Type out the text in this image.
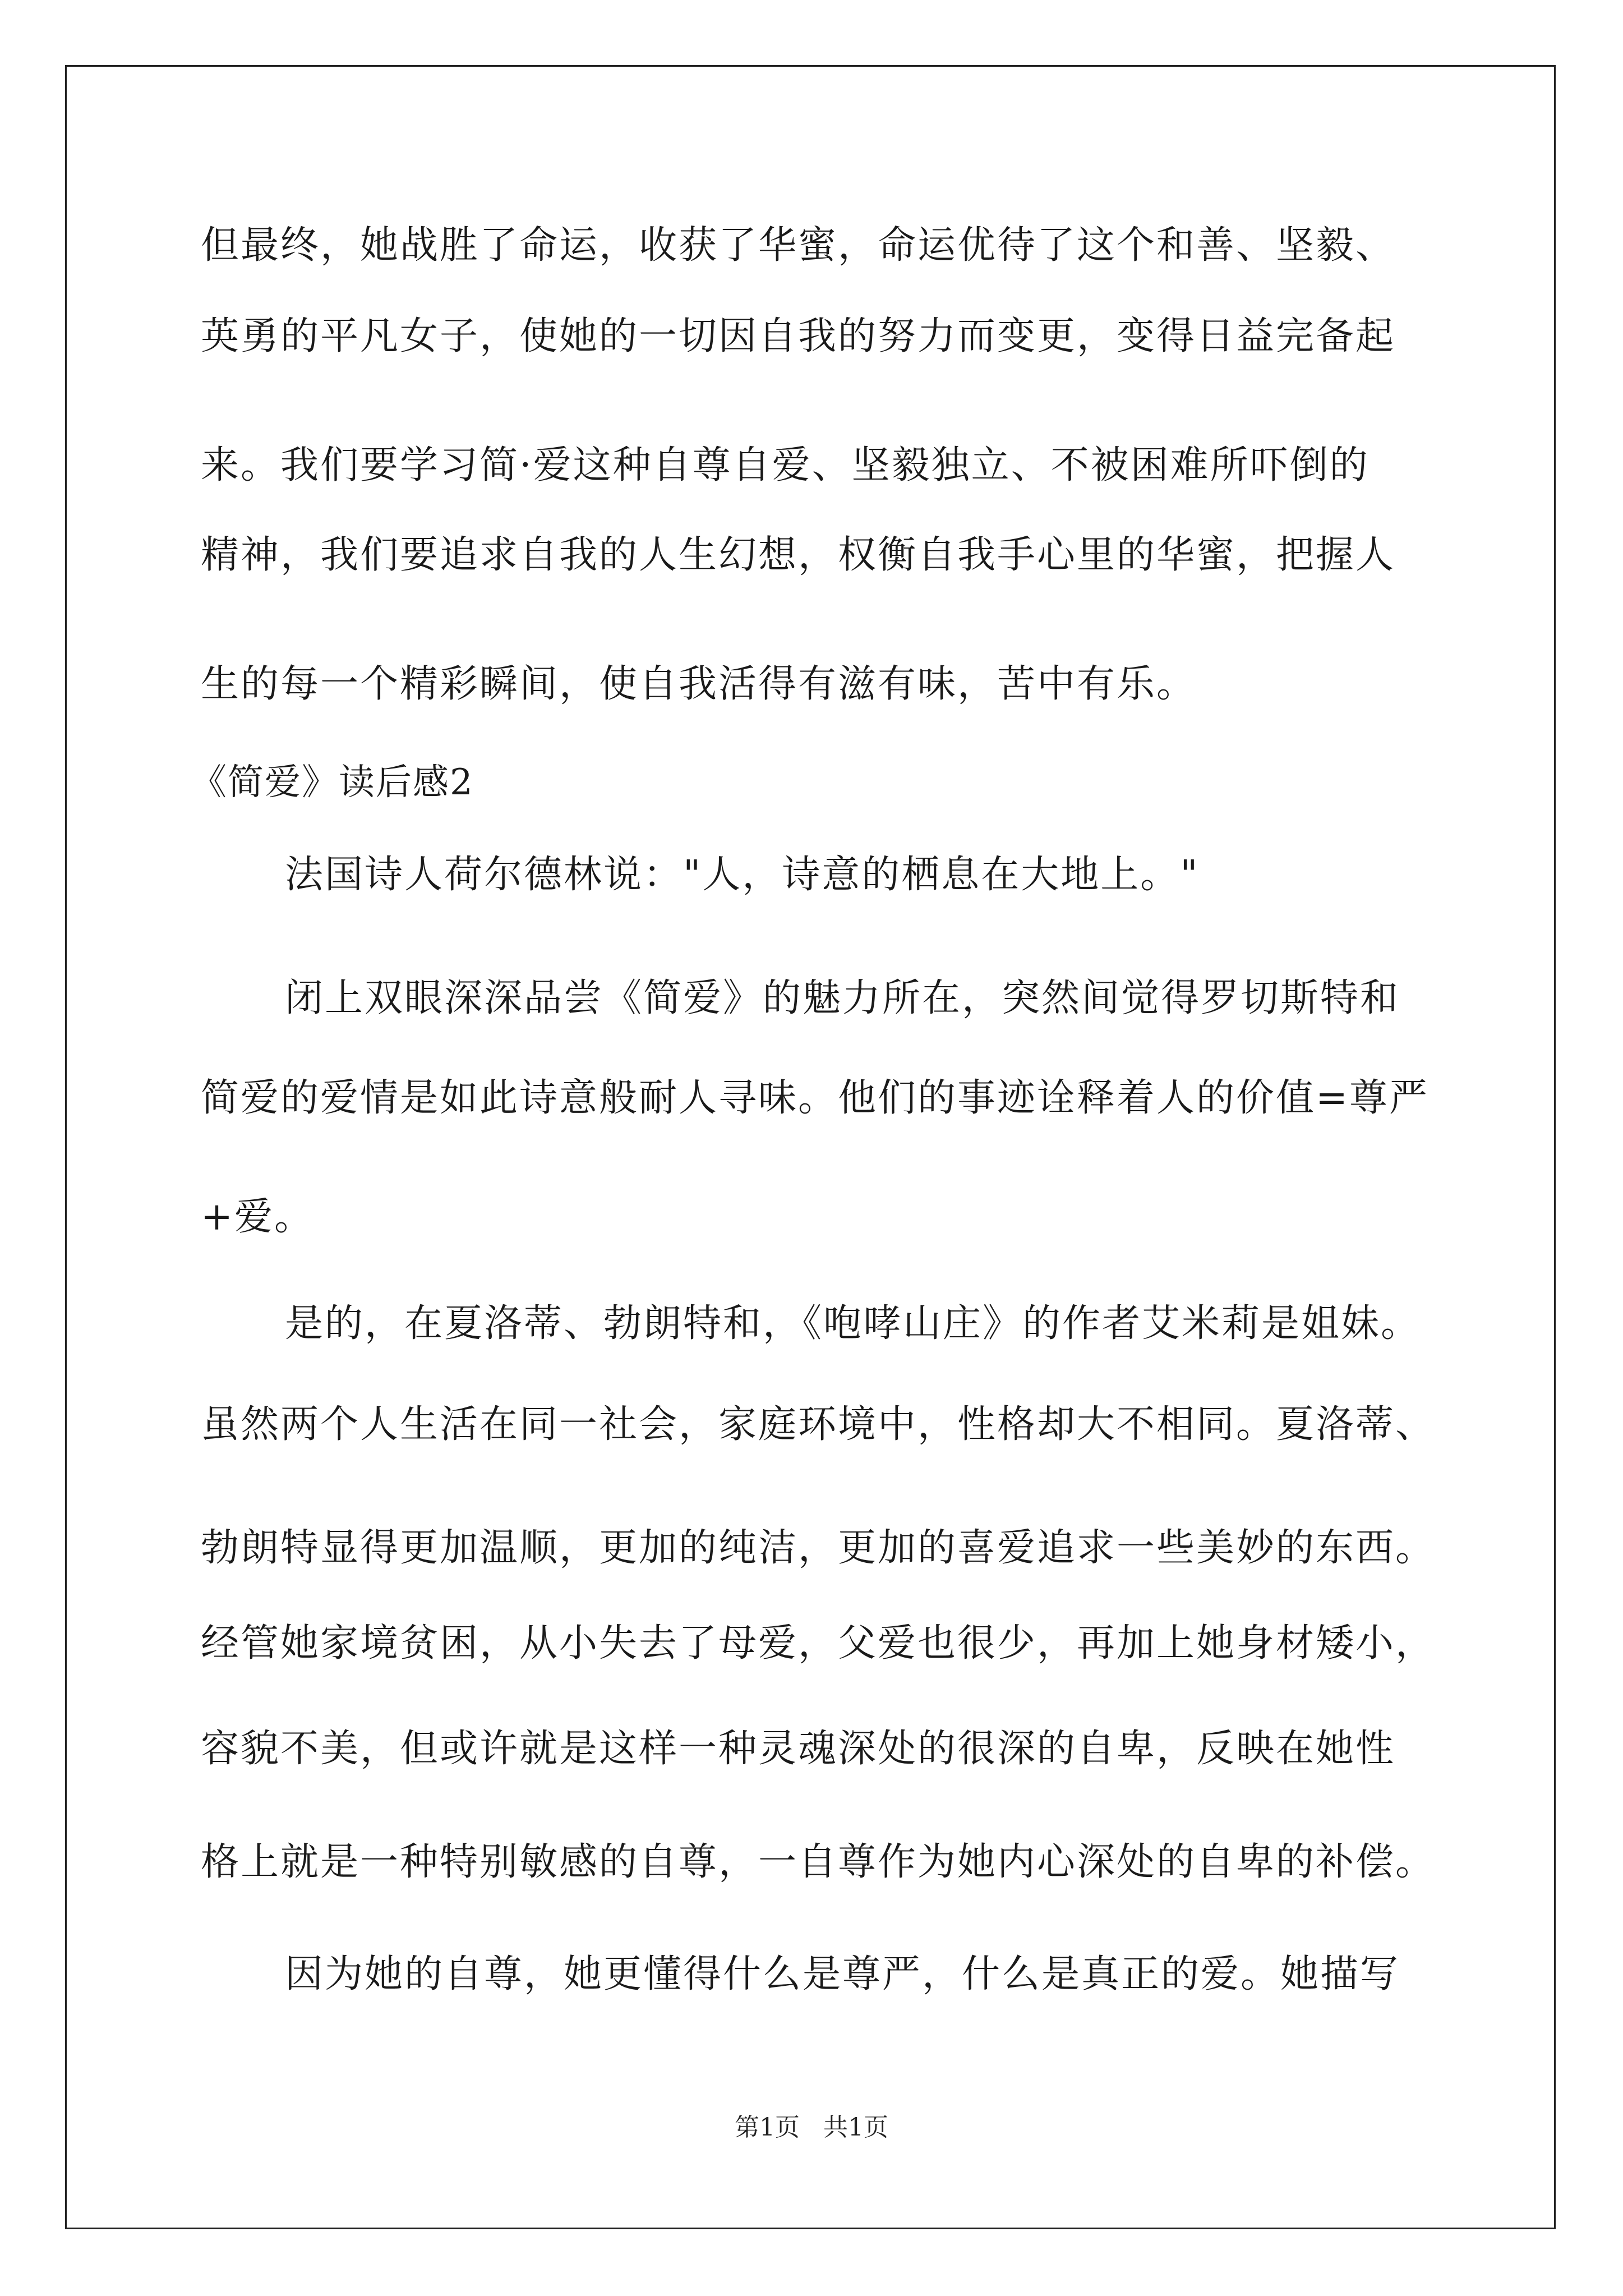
但最终，她战胜了命运，收获了华蜜，命运优待了这个和善、坚毅、
英勇的平凡女子，使她的一切因自我的努力而变更，变得日益完备起
来。我们要学习简·爱这种自尊自爱、坚毅独立、不被困难所吓倒的
精神，我们要追求自我的人生幻想，权衡自我手心里的华蜜，把握人
生的每一个精彩瞬间，使自我活得有滋有味，苦中有乐。
《简爱》读后感2
法国诗人荷尔德林说："人，诗意的栖息在大地上。"
闭上双眼深深品尝《简爱》的魅力所在，突然间觉得罗切斯特和
简爱的爱情是如此诗意般耐人寻味。他们的事迹诠释着人的价值=尊严
+爱。
是的，在夏洛蒂、勃朗特和，《咆哮山庄》的作者艾米莉是姐妹。
虽然两个人生活在同一社会，家庭环境中，性格却大不相同。夏洛蒂、
勃朗特显得更加温顺，更加的纯洁，更加的喜爱追求一些美妙的东西。
经管她家境贫困，从小失去了母爱，父爱也很少，再加上她身材矮小，
容貌不美，但或许就是这样一种灵魂深处的很深的自卑，反映在她性
格上就是一种特别敏感的自尊，一自尊作为她内心深处的自卑的补偿。
因为她的自尊，她更懂得什么是尊严，什么是真正的爱。她描写
第1页   共1页
